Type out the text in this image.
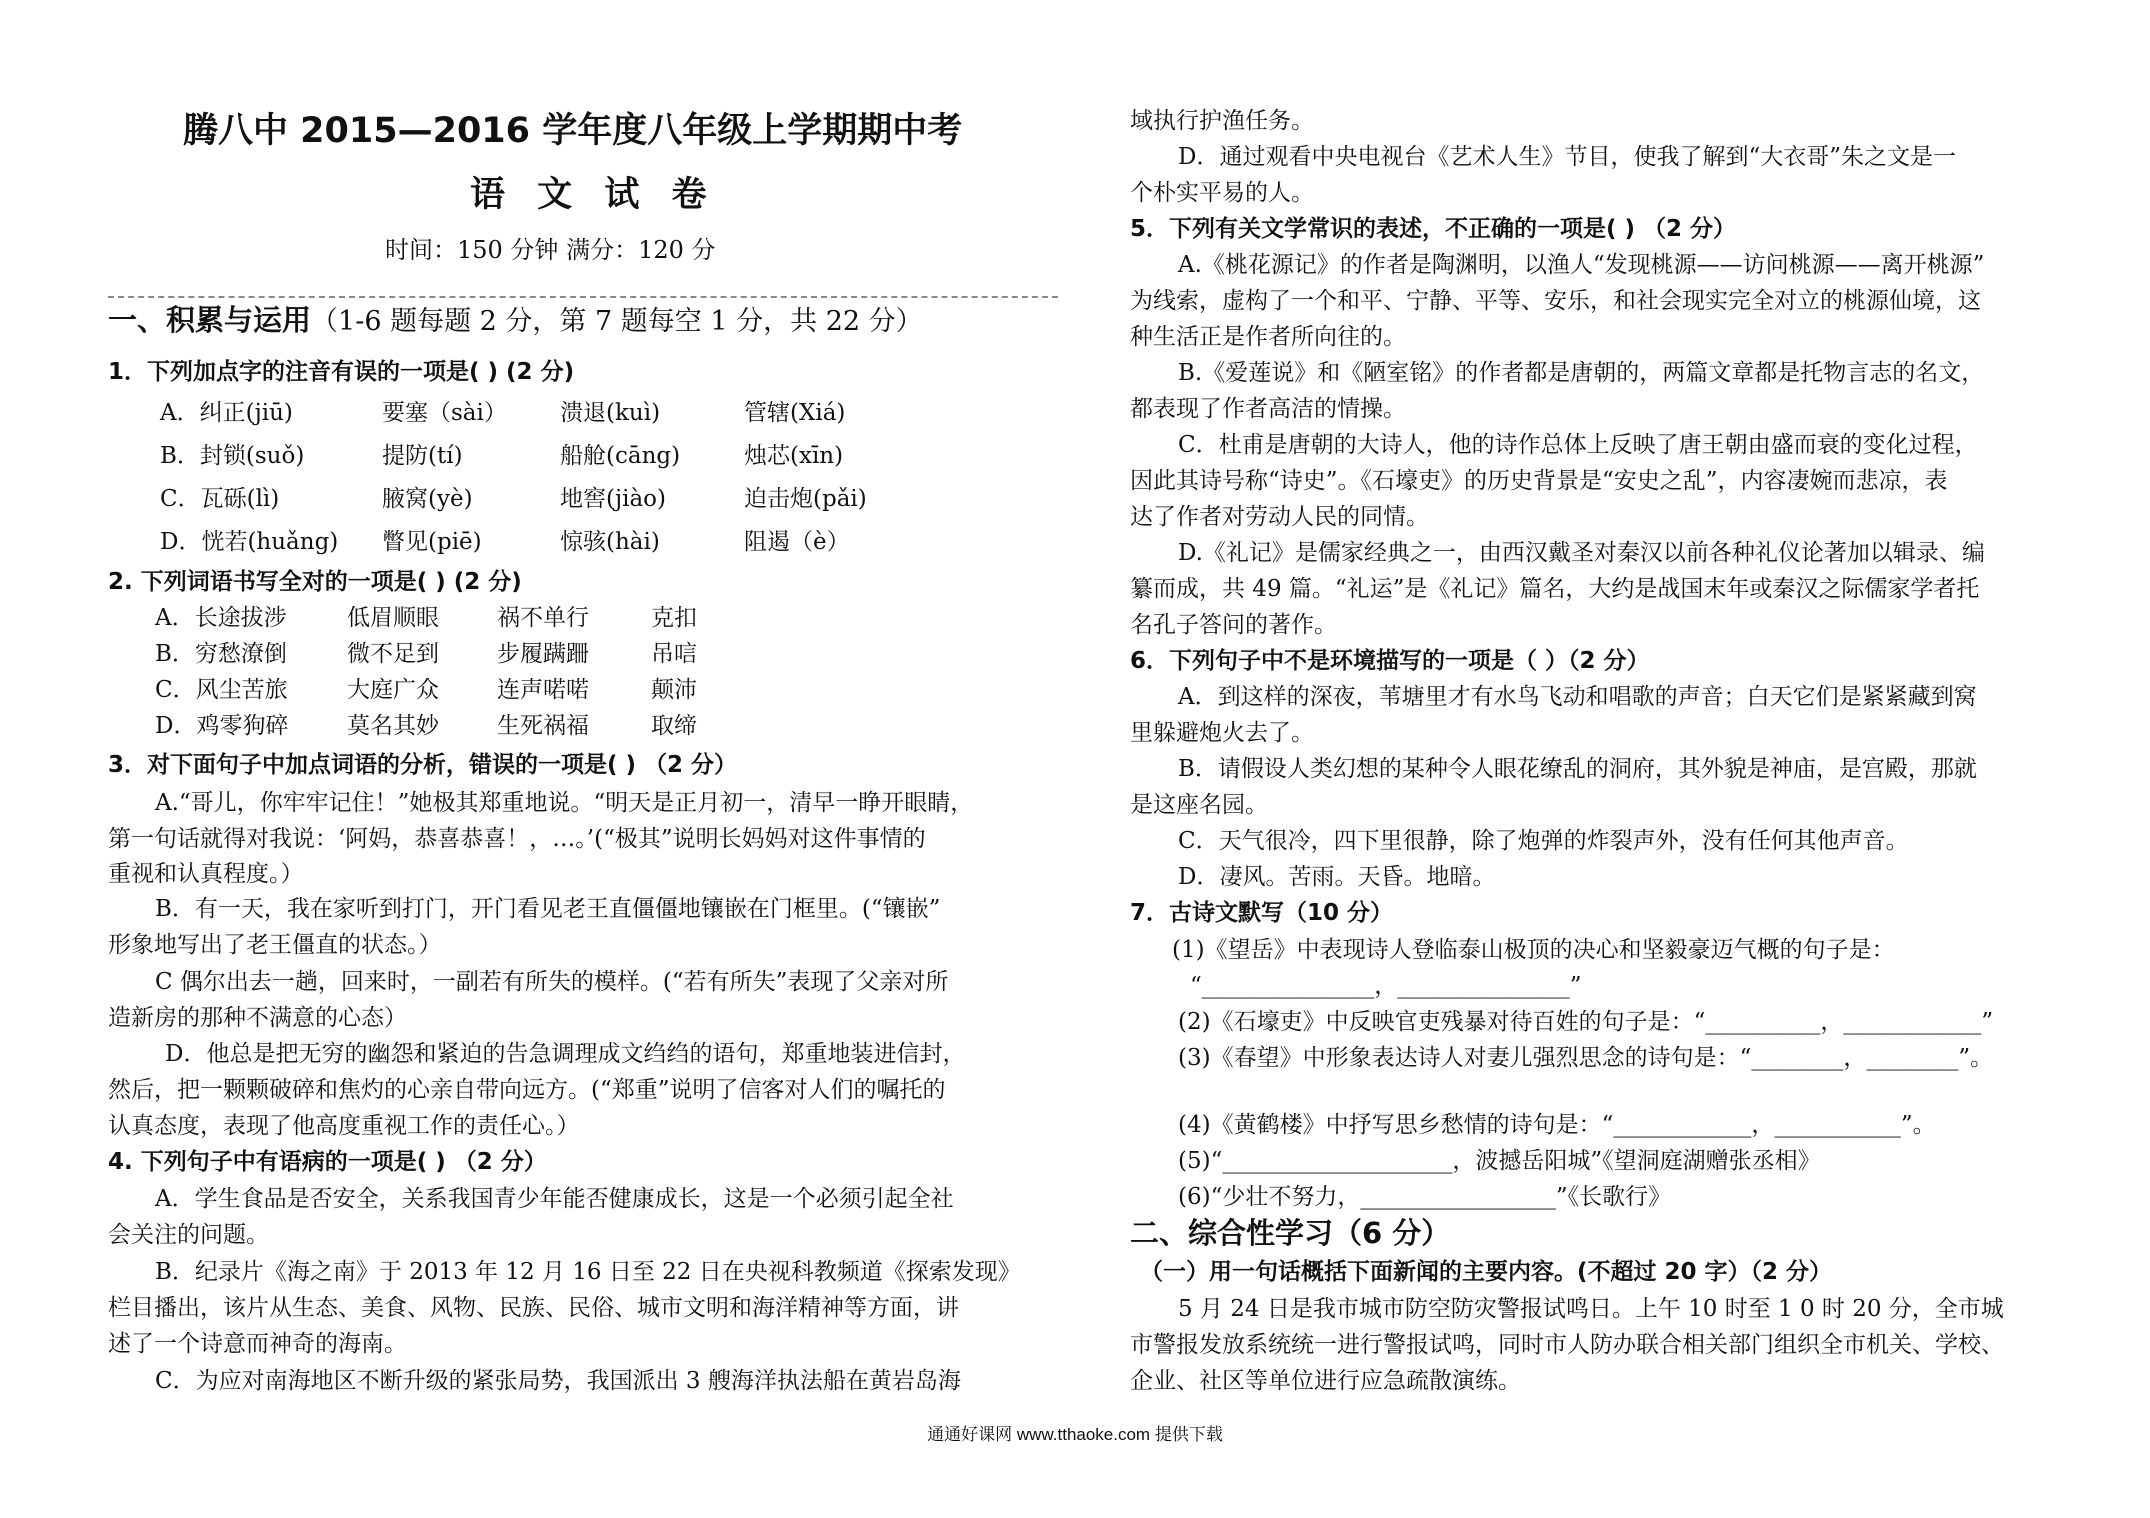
腾八中 2015—2016 学年度八年级上学期期中考
语 文 试 卷
时间：150 分钟 满分：120 分
一、积累与运用（1-6 题每题 2 分，第 7 题每空 1 分，共 22 分）
1．下列加点字的注音有误的一项是( ) (2 分)
A．纠正(jiū)	要塞（sài） 溃退(kuì)	管辖(Xiá)
B．封锁(suǒ)	提防(tí)	船舱(cāng)	烛芯(xīn)
C．瓦砾(lì)	腋窝(yè)	地窖(jiào)	迫击炮(pǎi)
D．恍若(huǎng) 瞥见(piē)	惊骇(hài)	阻遏（è）
2. 下列词语书写全对的一项是( ) (2 分)
A．长途拔涉	低眉顺眼	祸不单行	克扣
B．穷愁潦倒	微不足到	步履蹒跚	吊唁
C．风尘苦旅	大庭广众	连声喏喏	颠沛
D．鸡零狗碎	莫名其妙	生死祸福	取缔
3．对下面句子中加点词语的分析，错误的一项是( ) （2 分）
A.“哥儿，你牢牢记住！”她极其郑重地说。“明天是正月初一，清早一睁开眼睛，
第一句话就得对我说：‘阿妈，恭喜恭喜！，…。’(“极其”说明长妈妈对这件事情的
重视和认真程度。）
B．有一天，我在家听到打门，开门看见老王直僵僵地镶嵌在门框里。(“镶嵌”
形象地写出了老王僵直的状态。）
C 偶尔出去一趟，回来时，一副若有所失的模样。(“若有所失”表现了父亲对所
造新房的那种不满意的心态）
D．他总是把无穷的幽怨和紧迫的告急调理成文绉绉的语句，郑重地装进信封，
然后，把一颗颗破碎和焦灼的心亲自带向远方。(“郑重”说明了信客对人们的嘱托的
认真态度，表现了他高度重视工作的责任心。）
4. 下列句子中有语病的一项是( ) （2 分）
A．学生食品是否安全，关系我国青少年能否健康成长，这是一个必须引起全社
会关注的问题。
B．纪录片《海之南》于 2013 年 12 月 16 日至 22 日在央视科教频道《探索发现》
栏目播出，该片从生态、美食、风物、民族、民俗、城市文明和海洋精神等方面，讲
述了一个诗意而神奇的海南。
C．为应对南海地区不断升级的紧张局势，我国派出 3 艘海洋执法船在黄岩岛海
域执行护渔任务。
D．通过观看中央电视台《艺术人生》节目，使我了解到“大衣哥”朱之文是一
个朴实平易的人。
5．下列有关文学常识的表述，不正确的一项是( ) （2 分）
A.《桃花源记》的作者是陶渊明，以渔人“发现桃源——访问桃源——离开桃源”
为线索，虚构了一个和平、宁静、平等、安乐，和社会现实完全对立的桃源仙境，这
种生活正是作者所向往的。
B.《爱莲说》和《陋室铭》的作者都是唐朝的，两篇文章都是托物言志的名文，
都表现了作者高洁的情操。
C．杜甫是唐朝的大诗人，他的诗作总体上反映了唐王朝由盛而衰的变化过程，
因此其诗号称“诗史”。《石壕吏》的历史背景是“安史之乱”，内容凄婉而悲凉，表
达了作者对劳动人民的同情。
D.《礼记》是儒家经典之一，由西汉戴圣对秦汉以前各种礼仪论著加以辑录、编
纂而成，共 49 篇。“礼运”是《礼记》篇名，大约是战国末年或秦汉之际儒家学者托
名孔子答问的著作。
6．下列句子中不是环境描写的一项是（ ）（2 分）
A．到这样的深夜，苇塘里才有水鸟飞动和唱歌的声音；白天它们是紧紧藏到窝
里躲避炮火去了。
B．请假设人类幻想的某种令人眼花缭乱的洞府，其外貌是神庙，是宫殿，那就
是这座名园。
C．天气很冷，四下里很静，除了炮弹的炸裂声外，没有任何其他声音。
D．凄风。苦雨。天昏。地暗。
7．古诗文默写（10 分）
(1)《望岳》中表现诗人登临泰山极顶的决心和坚毅豪迈气概的句子是：
“_______________，_______________”
(2)《石壕吏》中反映官吏残暴对待百姓的句子是：“__________，____________”
(3)《春望》中形象表达诗人对妻儿强烈思念的诗句是：“________，________”。
(4)《黄鹤楼》中抒写思乡愁情的诗句是：“____________，___________”。
(5)“____________________，波撼岳阳城”《望洞庭湖赠张丞相》
(6)“少壮不努力，_________________”《长歌行》
二、综合性学习（6 分）
（一）用一句话概括下面新闻的主要内容。(不超过 20 字）（2 分）
5 月 24 日是我市城市防空防灾警报试鸣日。上午 10 时至 1 0 时 20 分，全市城
市警报发放系统统一进行警报试鸣，同时市人防办联合相关部门组织全市机关、学校、
企业、社区等单位进行应急疏散演练。
通通好课网 www.tthaoke.com 提供下载
